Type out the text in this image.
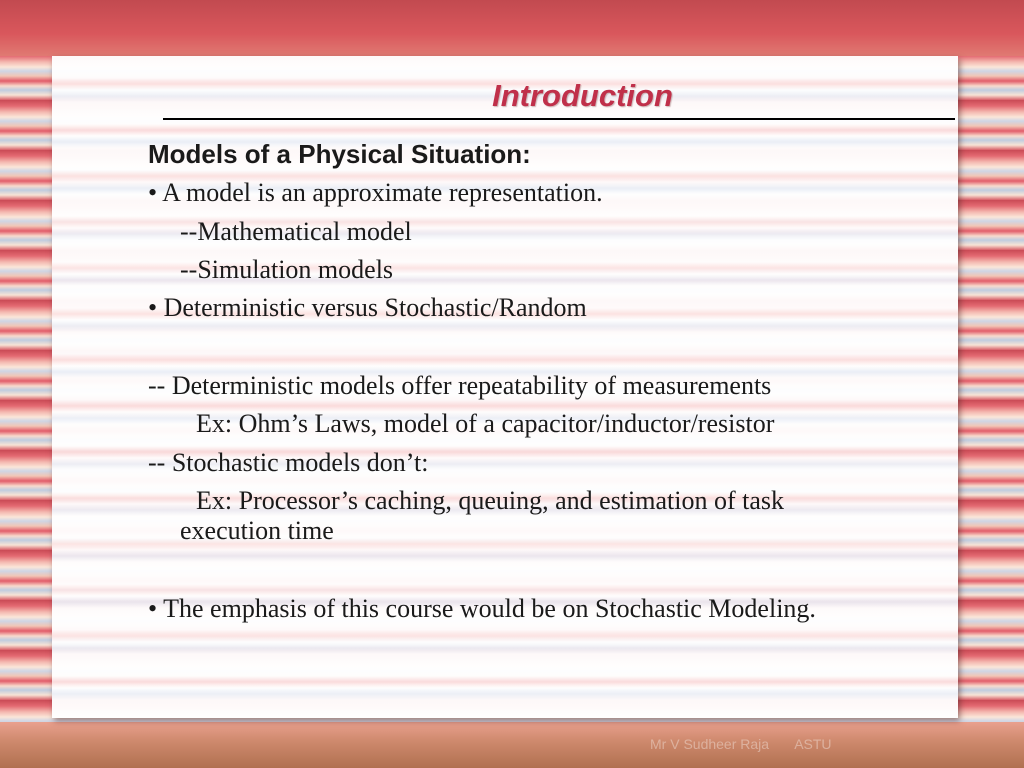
Introduction
Models of a Physical Situation:
• A model is an approximate representation.
--Mathematical model
--Simulation models
• Deterministic versus Stochastic/Random
-- Deterministic models offer repeatability of measurements
Ex: Ohm’s Laws, model of a capacitor/inductor/resistor
-- Stochastic models don’t:
Ex: Processor’s caching, queuing, and estimation of task
execution time
• The emphasis of this course would be on Stochastic Modeling.
Mr V Sudheer Raja ASTU
